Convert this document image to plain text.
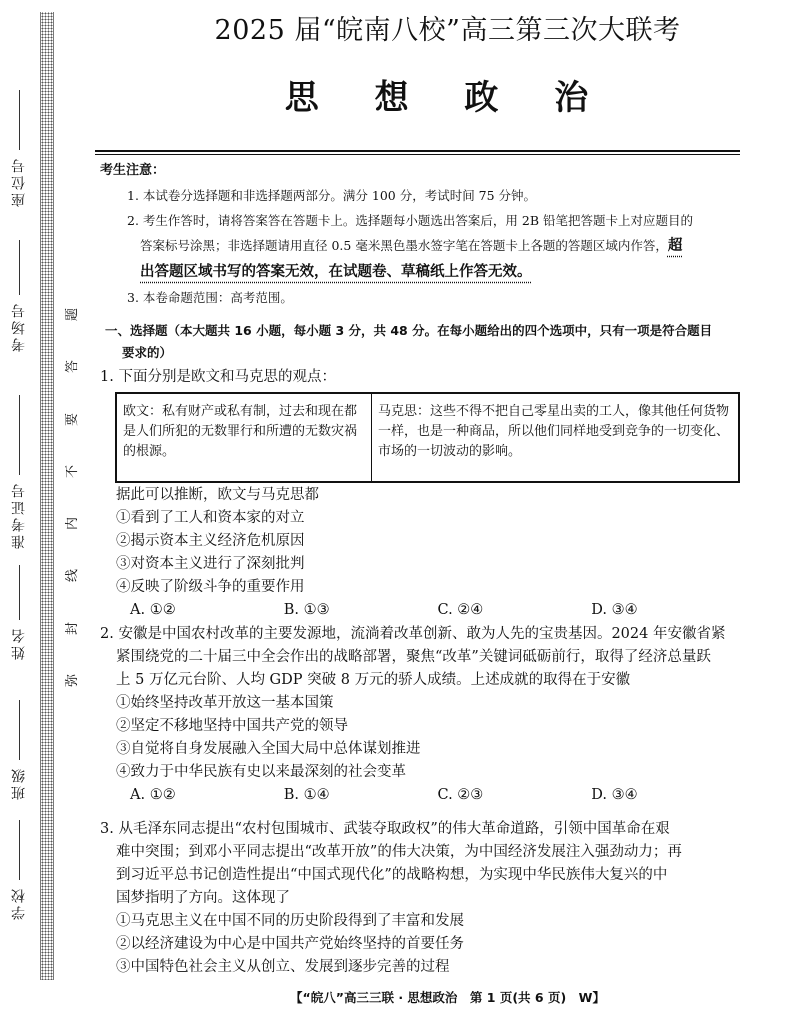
座位号
考场号
准考证号
姓名
班级
学校
题
答
要
不
内
线
封
弥
2025 届“皖南八校”高三第三次大联考
思 想 政 治
考生注意：
1. 本试卷分选择题和非选择题两部分。满分 100 分，考试时间 75 分钟。
2. 考生作答时，请将答案答在答题卡上。选择题每小题选出答案后，用 2B 铅笔把答题卡上对应题目的
答案标号涂黑；非选择题请用直径 0.5 毫米黑色墨水签字笔在答题卡上各题的答题区域内作答，超
出答题区域书写的答案无效，在试题卷、草稿纸上作答无效。
3. 本卷命题范围：高考范围。
一、选择题（本大题共 16 小题，每小题 3 分，共 48 分。在每小题给出的四个选项中，只有一项是符合题目
要求的）
1. 下面分别是欧文和马克思的观点：
欧文：私有财产或私有制，过去和现在都是人们所犯的无数罪行和所遭的无数灾祸的根源。
马克思：这些不得不把自己零星出卖的工人，像其他任何货物一样，也是一种商品，所以他们同样地受到竞争的一切变化、市场的一切波动的影响。
据此可以推断，欧文与马克思都
①看到了工人和资本家的对立
②揭示资本主义经济危机原因
③对资本主义进行了深刻批判
④反映了阶级斗争的重要作用
A. ①②	B. ①③	C. ②④	D. ③④
2. 安徽是中国农村改革的主要发源地，流淌着改革创新、敢为人先的宝贵基因。2024 年安徽省紧
紧围绕党的二十届三中全会作出的战略部署，聚焦“改革”关键词砥砺前行，取得了经济总量跃
上 5 万亿元台阶、人均 GDP 突破 8 万元的骄人成绩。上述成就的取得在于安徽
①始终坚持改革开放这一基本国策
②坚定不移地坚持中国共产党的领导
③自觉将自身发展融入全国大局中总体谋划推进
④致力于中华民族有史以来最深刻的社会变革
A. ①②	B. ①④	C. ②③	D. ③④
3. 从毛泽东同志提出“农村包围城市、武装夺取政权”的伟大革命道路，引领中国革命在艰
难中突围；到邓小平同志提出“改革开放”的伟大决策，为中国经济发展注入强劲动力；再
到习近平总书记创造性提出“中国式现代化”的战略构想，为实现中华民族伟大复兴的中
国梦指明了方向。这体现了
①马克思主义在中国不同的历史阶段得到了丰富和发展
②以经济建设为中心是中国共产党始终坚持的首要任务
③中国特色社会主义从创立、发展到逐步完善的过程
【“皖八”高三三联 · 思想政治　第 1 页(共 6 页)　W】
